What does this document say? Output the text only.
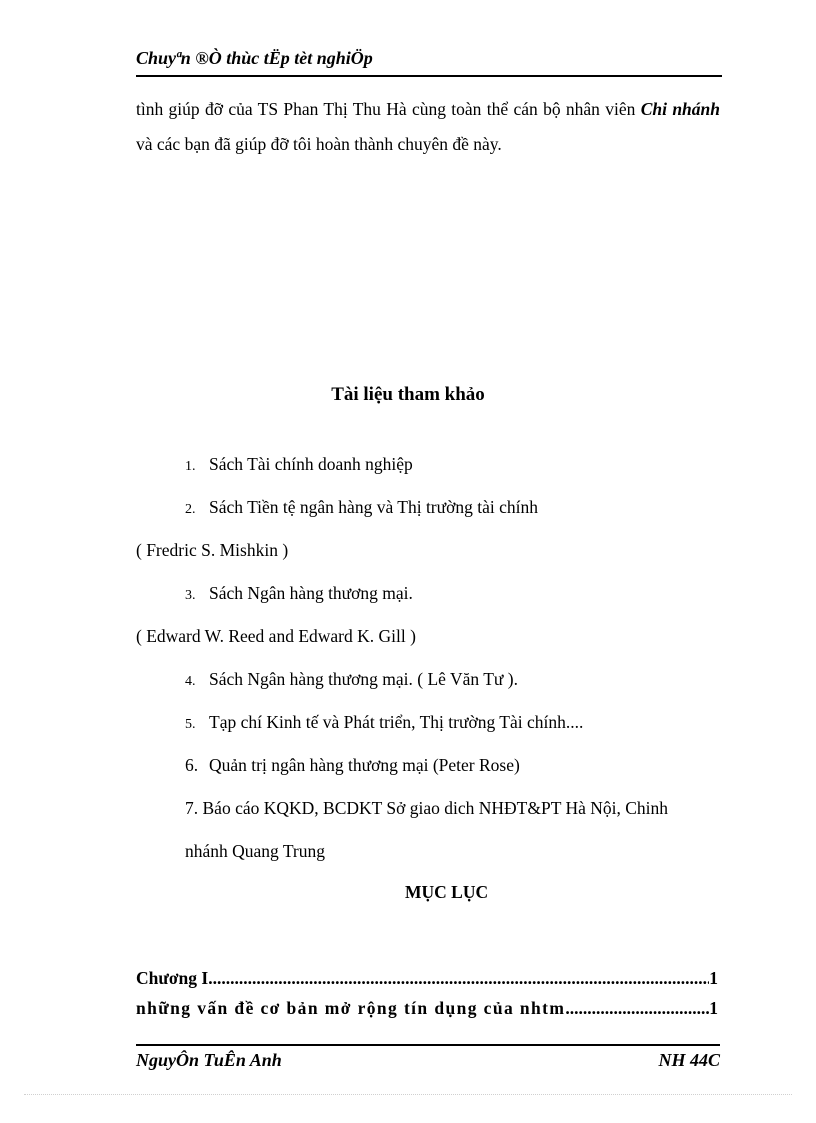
Chuyªn ®Ò thùc tËp tèt nghiÖp
tình giúp đỡ của TS Phan Thị Thu Hà cùng toàn thể cán bộ nhân viên Chi nhánh và các bạn đã giúp đỡ tôi hoàn thành chuyên đề này.
Tài liệu tham khảo
1. Sách Tài chính doanh nghiệp
2. Sách Tiền tệ ngân hàng và Thị trường tài chính
( Fredric S. Mishkin )
3. Sách Ngân hàng thương mại.
( Edward W. Reed and Edward K. Gill )
4. Sách Ngân hàng thương mại. ( Lê Văn Tư ).
5. Tạp chí Kinh tế và Phát triển, Thị trường Tài chính....
6. Quản trị ngân hàng thương mại (Peter Rose)
7. Báo cáo KQKD, BCDKT Sở giao dich NHĐT&PT Hà Nội, Chinh
nhánh Quang Trung
MỤC LỤC
Chương I .....	1
những vấn đề cơ bản mở rộng tín dụng của nhtm .....	1
NguyÔn TuÊn Anh	NH 44C
